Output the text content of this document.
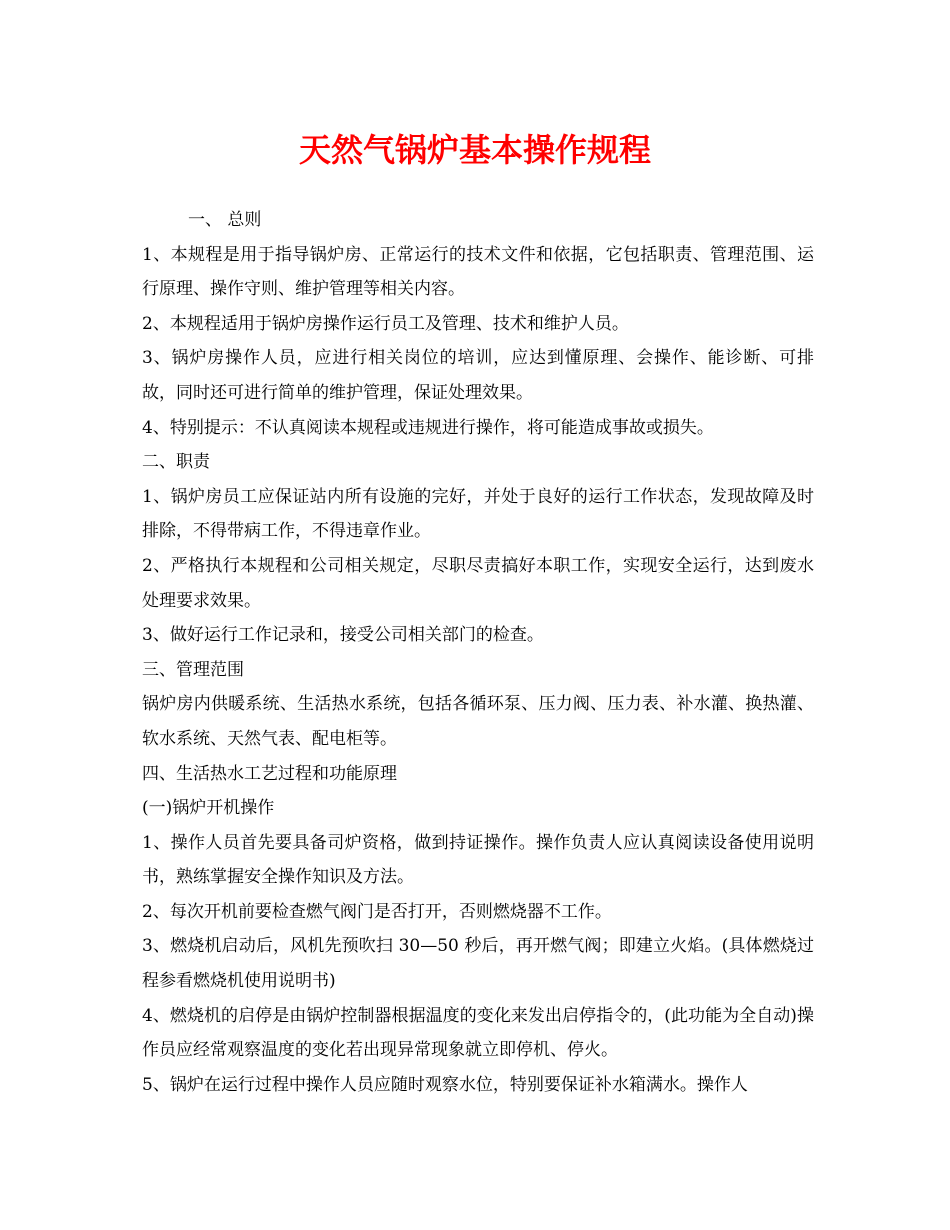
天然气锅炉基本操作规程

一、 总则

1、本规程是用于指导锅炉房、正常运行的技术文件和依据，它包括职责、管理范围、运行原理、操作守则、维护管理等相关内容。

2、本规程适用于锅炉房操作运行员工及管理、技术和维护人员。

3、锅炉房操作人员，应进行相关岗位的培训，应达到懂原理、会操作、能诊断、可排故，同时还可进行简单的维护管理，保证处理效果。

4、特别提示：不认真阅读本规程或违规进行操作，将可能造成事故或损失。

二、职责

1、锅炉房员工应保证站内所有设施的完好，并处于良好的运行工作状态，发现故障及时排除，不得带病工作，不得违章作业。

2、严格执行本规程和公司相关规定，尽职尽责搞好本职工作，实现安全运行，达到废水处理要求效果。

3、做好运行工作记录和，接受公司相关部门的检查。

三、管理范围

锅炉房内供暖系统、生活热水系统，包括各循环泵、压力阀、压力表、补水灌、换热灌、软水系统、天然气表、配电柜等。

四、生活热水工艺过程和功能原理

(一)锅炉开机操作

1、操作人员首先要具备司炉资格，做到持证操作。操作负责人应认真阅读设备使用说明书，熟练掌握安全操作知识及方法。

2、每次开机前要检查燃气阀门是否打开，否则燃烧器不工作。

3、燃烧机启动后，风机先预吹扫 30—50 秒后，再开燃气阀；即建立火焰。(具体燃烧过程参看燃烧机使用说明书)

4、燃烧机的启停是由锅炉控制器根据温度的变化来发出启停指令的，(此功能为全自动)操作员应经常观察温度的变化若出现异常现象就立即停机、停火。

5、锅炉在运行过程中操作人员应随时观察水位，特别要保证补水箱满水。操作人
